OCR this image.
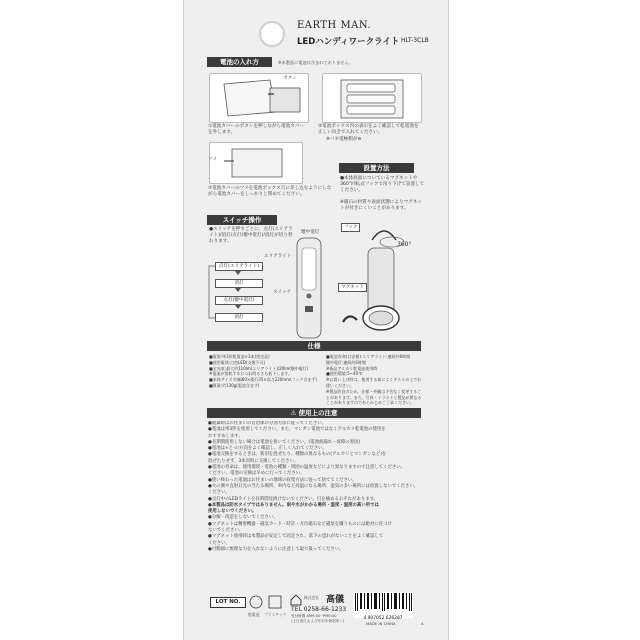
EARTH MAN.
LEDハンディワークライト HLT-3CLB
電池の入れ方	※本製品に電池は含まれておりません。
ボタン
①電池カバーのボタンを押しながら電池カバーを外します。
②電池ボックス内の表示をよく確認して乾電池を正しい向きで入れてください。
※バネ電極側が⊖
ツメ
③電池カバーのツメを電池ボックス穴に差し込むようにしながら電池カバーをしっかりと閉めてください。
設置方法
●本体底面についているマグネットや360°回転式フックで吊り下げて設置してください。
※磁石の材質や表面状態によりマグネットが付きにくいことがあります。
フック
360°
マグネット
スイッチ操作
●スイッチを押すごとに、点灯(エリアライト)/消灯/点灯(懐中電灯)/消灯が切り替わります。
点灯(エリアライト)
消灯
点灯(懐中電灯)
消灯
懐中電灯
エリアライト
スイッチ
仕様
■電源:単3形乾電池×3本(別売品)
■使用電球:白色LED(交換不可)
■全光束:最大約110lm(エリアライト)/20lm(懐中電灯)
※電池が消耗するにつれ明るさも低下します。
■本体サイズ:約幅60×奥行35×高さ220mm(フック含まず)
■質量:約130g(電池含まず)
■電池寿命(目安値):エリアライト:連続約6時間
懐中電灯:連続約6時間
※新品アルカリ乾電池使用時
■使用環境:5~40℃
※お買い上げ時は、使用する前によくテストの上でお使いください。
※製品改良のため、仕様・外観は予告なく変更することがあります。また、写真・イラストと製品が異なることがありますのであらかじめご了承ください。
⚠ 使用上の注意
●廃棄時はお住まいの自治体の分別方法に従ってください。
●電池は単3形を使用してください。また、マンガン電池ではなくアルカリ乾電池の使用を
おすすめします。
●長期間使用しない場合は電池を抜いてください。(電池液漏れ・故障の原因)
●電池は+と-の方向をよく確認し、正しく入れてください。
●電池交換をするときは、新旧を混ぜたり、種類の異なるもの(アルカリとマンガンなど)を
混ぜたりせず、3本同時に交換してください。
●電池の寿命は、使用環境・電池の種類・周囲の温度などにより異なりますので注意してください。
ください。電池の交換は早めに行ってください。
●使い終わった電池はお住まいの地域の収集方法に従って捨ててください。
●火の側や直射日光の当たる場所、車内など高温になる場所、湿気の多い場所には放置しないでください。
ください。
●点灯中のLEDライトを長時間見続けないでください。目を痛めるおそれがあります。
●本製品は防水タイプではありません。雨や水がかかる場所・湿度・温度の高い所では
使用しないでください。
●分解・改造をしないでください。
●マグネットは精密機器・磁気カード・時計・方位磁石など磁気を嫌うものには絶対に近づけ
ないでください。
●マグネット使用時は本製品が安定して固定され、落下の恐れがないことをよく確認して
ください。
●可動部に無理な力を入れないように注意して取り扱ってください。
LOT NO.
乾電池 プラスチック
株式会社 高儀
TEL 0258-66-1233
受付時間 AM9:00~PM5:00
(土日祝日および年末年始を除く)	4 907052 626287
MADE IN CHINA	A
